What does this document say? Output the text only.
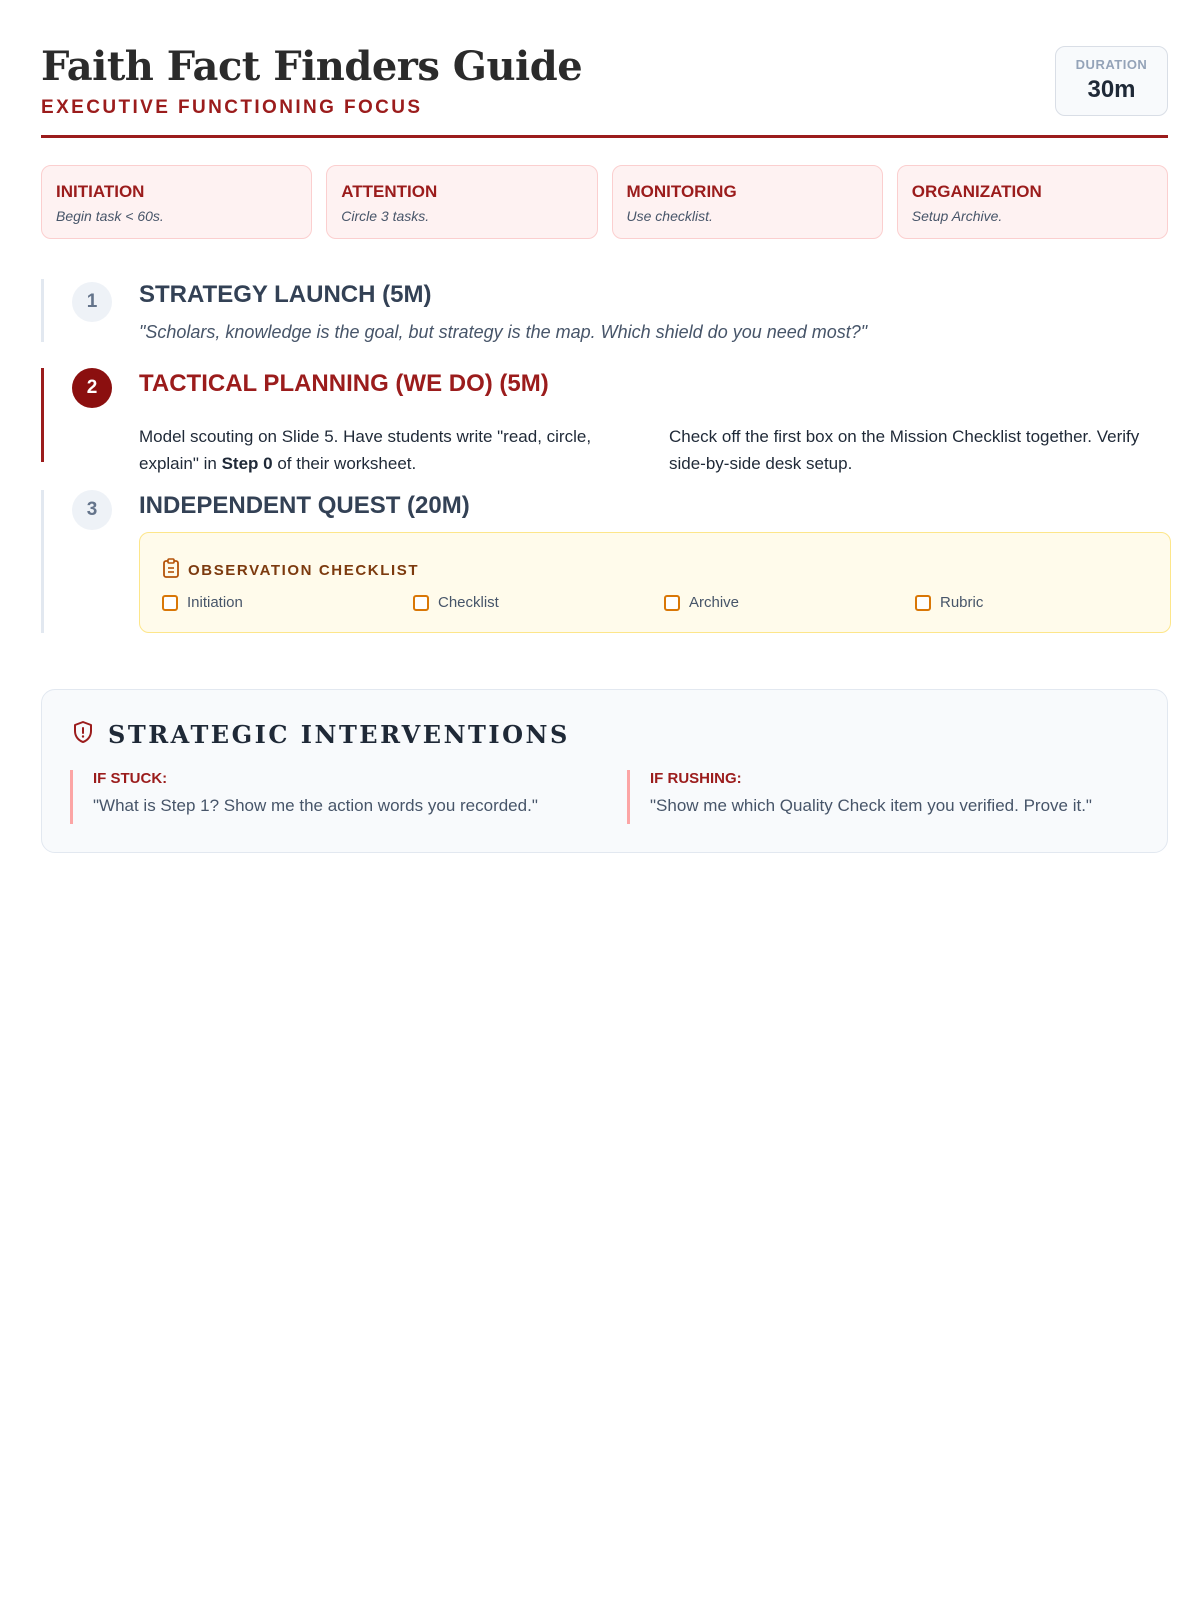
Faith Fact Finders Guide
EXECUTIVE FUNCTIONING FOCUS
DURATION
30m
INITIATION
Begin task < 60s.
ATTENTION
Circle 3 tasks.
MONITORING
Use checklist.
ORGANIZATION
Setup Archive.
1	STRATEGY LAUNCH (5M)
"Scholars, knowledge is the goal, but strategy is the map. Which shield do you need most?"
2	TACTICAL PLANNING (WE DO) (5M)
Model scouting on Slide 5. Have students write "read, circle, explain" in Step 0 of their worksheet.
Check off the first box on the Mission Checklist together. Verify side-by-side desk setup.
3	INDEPENDENT QUEST (20M)
OBSERVATION CHECKLIST
Initiation	Checklist	Archive	Rubric
STRATEGIC INTERVENTIONS
IF STUCK:
"What is Step 1? Show me the action words you recorded."
IF RUSHING:
"Show me which Quality Check item you verified. Prove it."
